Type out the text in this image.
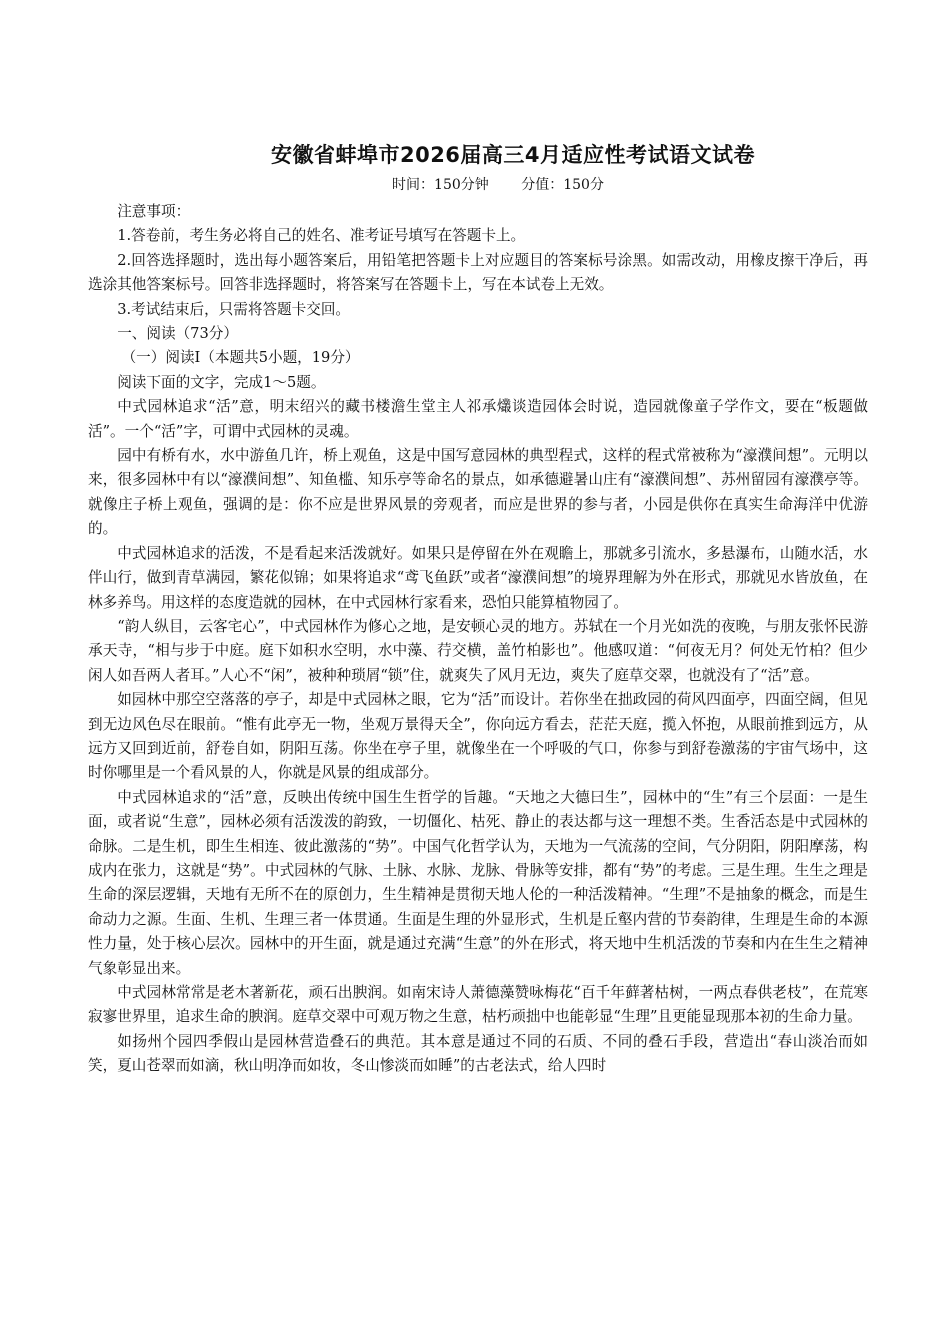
安徽省蚌埠市2026届高三4月适应性考试语文试卷
时间：150分钟 分值：150分

注意事项：

1.答卷前，考生务必将自己的姓名、准考证号填写在答题卡上。

2.回答选择题时，选出每小题答案后，用铅笔把答题卡上对应题目的答案标号涂黑。如需改动，用橡皮擦干净后，再选涂其他答案标号。回答非选择题时，将答案写在答题卡上，写在本试卷上无效。

3.考试结束后，只需将答题卡交回。

一、阅读（73分）

（一）阅读Ⅰ（本题共5小题，19分）

阅读下面的文字，完成1～5题。

中式园林追求“活”意，明末绍兴的藏书楼澹生堂主人祁承爜谈造园体会时说，造园就像童子学作文，要在“板题做活”。一个“活”字，可谓中式园林的灵魂。

园中有桥有水，水中游鱼几许，桥上观鱼，这是中国写意园林的典型程式，这样的程式常被称为“濠濮间想”。元明以来，很多园林中有以“濠濮间想”、知鱼槛、知乐亭等命名的景点，如承德避暑山庄有“濠濮间想”、苏州留园有濠濮亭等。就像庄子桥上观鱼，强调的是：你不应是世界风景的旁观者，而应是世界的参与者，小园是供你在真实生命海洋中优游的。

中式园林追求的活泼，不是看起来活泼就好。如果只是停留在外在观瞻上，那就多引流水，多悬瀑布，山随水活，水伴山行，做到青草满园，繁花似锦；如果将追求“鸢飞鱼跃”或者“濠濮间想”的境界理解为外在形式，那就见水皆放鱼，在林多养鸟。用这样的态度造就的园林，在中式园林行家看来，恐怕只能算植物园了。

“韵人纵目，云客宅心”，中式园林作为修心之地，是安顿心灵的地方。苏轼在一个月光如洗的夜晚，与朋友张怀民游承天寺，“相与步于中庭。庭下如积水空明，水中藻、荇交横，盖竹柏影也”。他感叹道：“何夜无月？何处无竹柏？但少闲人如吾两人者耳。”人心不“闲”，被种种琐屑“锁”住，就爽失了风月无边，爽失了庭草交翠，也就没有了“活”意。

如园林中那空空落落的亭子，却是中式园林之眼，它为“活”而设计。若你坐在拙政园的荷风四面亭，四面空阔，但见到无边风色尽在眼前。“惟有此亭无一物，坐观万景得天全”，你向远方看去，茫茫天庭，揽入怀抱，从眼前推到远方，从远方又回到近前，舒卷自如，阴阳互荡。你坐在亭子里，就像坐在一个呼吸的气口，你参与到舒卷激荡的宇宙气场中，这时你哪里是一个看风景的人，你就是风景的组成部分。

中式园林追求的“活”意，反映出传统中国生生哲学的旨趣。“天地之大德曰生”，园林中的“生”有三个层面：一是生面，或者说“生意”，园林必须有活泼泼的韵致，一切僵化、枯死、静止的表达都与这一理想不类。生香活态是中式园林的命脉。二是生机，即生生相连、彼此激荡的“势”。中国气化哲学认为，天地为一气流荡的空间，气分阴阳，阴阳摩荡，构成内在张力，这就是“势”。中式园林的气脉、土脉、水脉、龙脉、骨脉等安排，都有“势”的考虑。三是生理。生生之理是生命的深层逻辑，天地有无所不在的原创力，生生精神是贯彻天地人伦的一种活泼精神。“生理”不是抽象的概念，而是生命动力之源。生面、生机、生理三者一体贯通。生面是生理的外显形式，生机是丘壑内营的节奏韵律，生理是生命的本源性力量，处于核心层次。园林中的开生面，就是通过充满“生意”的外在形式，将天地中生机活泼的节奏和内在生生之精神气象彰显出来。

中式园林常常是老木著新花，顽石出腴润。如南宋诗人萧德藻赞咏梅花“百千年藓著枯树，一两点春供老枝”，在荒寒寂寥世界里，追求生命的腴润。庭草交翠中可观万物之生意，枯朽顽拙中也能彰显“生理”且更能显现那本初的生命力量。

如扬州个园四季假山是园林营造叠石的典范。其本意是通过不同的石质、不同的叠石手段，营造出“春山淡冶而如笑，夏山苍翠而如滴，秋山明净而如妆，冬山惨淡而如睡”的古老法式，给人四时
